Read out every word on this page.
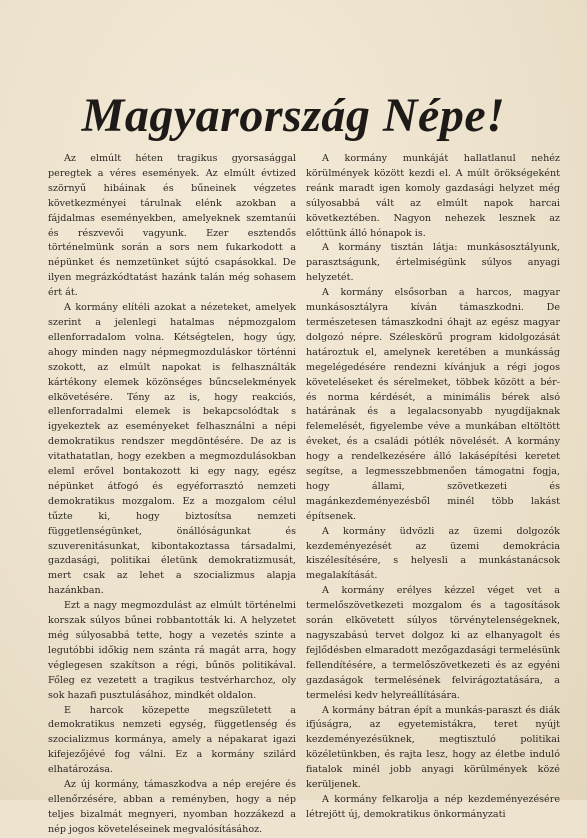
Magyarország Népe!

Az elmúlt héten tragikus gyorsasággal peregtek a véres események. Az elmúlt évtized szörnyű hibáinak és bűneinek végzetes következményei tárulnak elénk azokban a fájdalmas eseményekben, amelyeknek szemtanúi és részvevői vagyunk. Ezer esztendős történelmünk során a sors nem fukarkodott a népünket és nemzetünket sújtó csapásokkal. De ilyen megrázkódtatást hazánk talán még sohasem ért át.

A kormány elítéli azokat a nézeteket, amelyek szerint a jelenlegi hatalmas népmozgalom ellenforradalom volna. Kétségtelen, hogy úgy, ahogy minden nagy népmegmozduláskor történni szokott, az elmúlt napokat is felhasználták kártékony elemek közönséges bűncselekmények elkövetésére. Tény az is, hogy reakciós, ellenforradalmi elemek is bekapcsolódtak s igyekeztek az eseményeket felhasználni a népi demokratikus rendszer megdöntésére. De az is vitathatatlan, hogy ezekben a megmozdulásokban eleml erővel bontakozott ki egy nagy, egész népünket átfogó és egyéforrasztó nemzeti demokratikus mozgalom. Ez a mozgalom célul tűzte ki, hogy biztosítsa nemzeti függetlenségünket, önállóságunkat és szuverenitásunkat, kibontakoztassa társadalmi, gazdasági, politikai életünk demokratizmusát, mert csak az lehet a szocializmus alapja hazánkban.

Ezt a nagy megmozdulást az elmúlt történelmi korszak súlyos bűnei robbantották ki. A helyzetet még súlyosabbá tette, hogy a vezetés szinte a legutóbbi időkig nem szánta rá magát arra, hogy véglegesen szakítson a régi, bűnös politikával. Főleg ez vezetett a tragikus testvérharchoz, oly sok hazafi pusztulásához, mindkét oldalon.

E harcok közepette megszületett a demokratikus nemzeti egység, függetlenség és szocializmus kormánya, amely a népakarat igazi kifejezőjévé fog válni. Ez a kormány szilárd elhatározása.

Az új kormány, támaszkodva a nép erejére és ellenőrzésére, abban a reményben, hogy a nép teljes bizalmát megnyeri, nyomban hozzákezd a nép jogos követeléseinek megvalósításához.

A kormány munkáját hallatlanul nehéz körülmények között kezdi el. A múlt örökségeként reánk maradt igen komoly gazdasági helyzet még súlyosabbá vált az elmúlt napok harcai következtében. Nagyon nehezek lesznek az előttünk álló hónapok is.

A kormány tisztán látja: munkásosztályunk, parasztságunk, értelmiségünk súlyos anyagi helyzetét.

A kormány elsősorban a harcos, magyar munkásosztályra kíván támaszkodni. De természetesen támaszkodni óhajt az egész magyar dolgozó népre. Széleskörű program kidolgozását határoztuk el, amelynek keretében a munkásság megelégedésére rendezni kívánjuk a régi jogos követeléseket és sérelmeket, többek között a bér- és norma kérdését, a minimális bérek alsó határának és a legalacsonyabb nyugdíjaknak felemelését, figyelembe véve a munkában eltöltött éveket, és a családi pótlék növelését. A kormány hogy a rendelkezésére álló lakásépítési keretet segítse, a legmesszebbmenően támogatni fogja, hogy állami, szövetkezeti és magánkezdeményezésből minél több lakást építsenek.

A kormány üdvözli az üzemi dolgozók kezdeményezését az üzemi demokrácia kiszélesítésére, s helyesli a munkástanácsok megalakítását.

A kormány erélyes kézzel véget vet a termelőszövetkezeti mozgalom és a tagosítások során elkövetett súlyos törvénytelenségeknek, nagyszabású tervet dolgoz ki az elhanyagolt és fejlődésben elmaradott mezőgazdasági termelésünk fellendítésére, a termelőszövetkezeti és az egyéni gazdaságok termelésének felvirágoztatására, a termelési kedv helyreállítására.

A kormány bátran épít a munkás-paraszt és diák ifjúságra, az egyetemistákra, teret nyújt kezdeményezésüknek, megtisztuló politikai közéletünkben, és rajta lesz, hogy az életbe induló fiatalok minél jobb anyagi körülmények közé kerüljenek.

A kormány felkarolja a nép kezdeményezésére létrejött új, demokratikus önkormányzati
